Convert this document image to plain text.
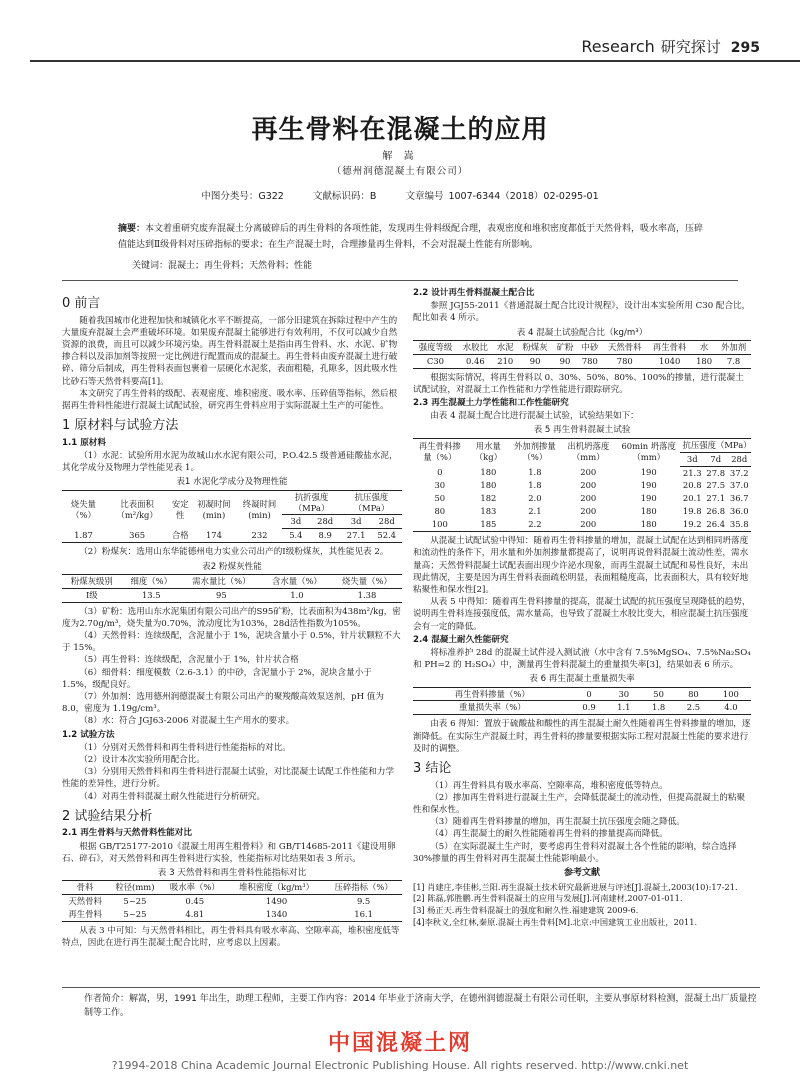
Research 研究探讨 295
再生骨料在混凝土的应用
解 嵩
（德州润德混凝土有限公司）
中图分类号：G322	文献标识码：B	文章编号 1007-6344（2018）02-0295-01
摘要：本文着重研究废弃混凝土分离破碎后的再生骨料的各项性能，发现再生骨料级配合理，表观密度和堆积密度都低于天然骨料，吸水率高，压碎值能达到Ⅱ级骨料对压碎指标的要求；在生产混凝土时，合理掺量再生骨料，不会对混凝土性能有所影响。
关键词：混凝土；再生骨料；天然骨料；性能
0 前言

随着我国城市化进程加快和城镇化水平不断提高，一部分旧建筑在拆除过程中产生的大量废弃混凝土会严重破坏环境。如果废弃混凝土能够进行有效利用，不仅可以减少自然资源的浪费，而且可以减少环境污染。再生骨料混凝土是指由再生骨料、水、水泥、矿物掺合料以及添加剂等按照一定比例进行配置而成的混凝土。再生骨料由废弃混凝土进行破碎、筛分后制成，再生骨料表面包裹着一层硬化水泥浆，表面粗糙，孔隙多，因此吸水性比砂石等天然骨料要高[1]。

本文研究了再生骨料的级配、表观密度、堆积密度、吸水率、压碎值等指标，然后根据再生骨料性能进行混凝土试配试验，研究再生骨料应用于实际混凝土生产的可能性。

1 原材料与试验方法
1.1 原材料

（1）水泥：试验所用水泥为故城山水水泥有限公司，P.O.42.5 级普通硅酸盐水泥，其化学成分及物理力学性能见表 1。

表1 水泥化学成分及物理性能
烧失量（%）	比表面积（m²/kg）	安定性	初凝时间(min)	终凝时间(min)	抗折强度（MPa）		抗压强度（MPa）	
					3d	28d	3d	28d
1.87	365	合格	174	232	5.4	8.9	27.1	52.4

（2）粉煤灰：选用山东华能德州电力实业公司出产的Ⅰ级粉煤灰，其性能见表 2。

表2 粉煤灰性能
粉煤灰级别	细度（%）	需水量比（%）	含水量（%）	烧失量（%）
Ⅰ级	13.5	95	1.0	1.38

（3）矿粉：选用山东水泥集团有限公司出产的S95矿粉，比表面积为438m²/kg，密度为2.70g/m³，烧失量为0.70%，流动度比为103%，28d活性指数为105%。

（4）天然骨料：连续级配，含泥量小于 1%，泥块含量小于 0.5%，针片状颗粒不大于 15%。

（5）再生骨料：连续级配，含泥量小于 1%，针片状合格

（6）细骨料：细度模数（2.6-3.1）的中砂，含泥量小于 2%，泥块含量小于 1.5%，级配良好。

（7）外加剂：选用德州润德混凝土有限公司出产的聚羧酸高效泵送剂，pH 值为 8.0，密度为 1.19g/cm³。

（8）水：符合 JGJ63-2006 对混凝土生产用水的要求。

1.2 试验方法

（1）分别对天然骨料和再生骨料进行性能指标的对比。

（2）设计本次实验所用配合比。

（3）分别用天然骨料和再生骨料进行混凝土试验，对比混凝土试配工作性能和力学性能的差异性，进行分析。

（4）对再生骨料混凝土耐久性能进行分析研究。

2 试验结果分析
2.1 再生骨料与天然骨料性能对比

根据 GB/T25177-2010《混凝土用再生粗骨料》和 GB/T14685-2011《建设用卵石、碎石》，对天然骨料和再生骨料进行实验，性能指标对比结果如表 3 所示。

表 3 天然骨料和再生骨料性能指标对比
骨料	粒径(mm)	吸水率（%）	堆积密度（kg/m³）	压碎指标（%）
天然骨料	5~25	0.45	1490	9.5
再生骨料	5~25	4.81	1340	16.1

从表 3 中可知：与天然骨料相比，再生骨料具有吸水率高、空隙率高，堆积密度低等特点，因此在进行再生混凝土配合比时，应考虑以上因素。

2.2 设计再生骨料混凝土配合比

参照 JGJ55-2011《普通混凝土配合比设计规程》，设计出本实验所用 C30 配合比，配比如表 4 所示。

表 4 混凝土试验配合比（kg/m³）
强度等级	水胶比	水泥	粉煤灰	矿粉	中砂	天然骨料	再生骨料	水	外加剂
C30	0.46	210	90	90	780	780	1040	180	7.8

根据实际情况，将再生骨料以 0、30%、50%、80%、100%的掺量，进行混凝土试配试验，对混凝土工作性能和力学性能进行跟踪研究。

2.3 再生混凝土力学性能和工作性能研究

由表 4 混凝土配合比进行混凝土试验，试验结果如下：

表 5 再生骨料混凝土试验
再生骨料掺量（%）	用水量（kg）	外加剂掺量（%）	出机坍落度（mm）	60min 坍落度（mm）	抗压强度（MPa）		
					3d	7d	28d
0	180	1.8	200	190	21.3	27.8	37.2
30	180	1.8	200	190	20.8	27.5	37.0
50	182	2.0	200	190	20.1	27.1	36.7
80	183	2.1	200	180	19.8	26.8	36.0
100	185	2.2	200	180	19.2	26.4	35.8

从混凝土试配试验中得知：随着再生骨料掺量的增加，混凝土试配在达到相同坍落度和流动性的条件下，用水量和外加剂掺量都提高了，说明再说骨料混凝土流动性差，需水量高；天然骨料混凝土试配表面出现少许泌水现象，而再生混凝土试配和易性良好，未出现此情况，主要是因为再生骨料表面疏松明显，表面粗糙度高，比表面积大，具有较好地粘聚性和保水性[2]。

从表 5 中得知：随着再生骨料掺量的提高，混凝土试配的抗压强度呈现降低的趋势，说明再生骨料连接强度低，需水量高，也导致了混凝土水胶比变大，相应混凝土抗压强度会有一定的降低。

2.4 混凝土耐久性能研究

将标准养护 28d 的混凝土试件浸入测试液（水中含有 7.5%MgSO₄、7.5%Na₂SO₄ 和 PH=2 的 H₂SO₄）中，测量再生骨料混凝土的重量损失率[3]，结果如表 6 所示。

表 6 再生混凝土重量损失率
再生骨料掺量（%）	0	30	50	80	100
重量损失率（%）	0.9	1.1	1.8	2.5	4.0

由表 6 得知：置放于硫酸盐和酸性的再生混凝土耐久性随着再生骨料掺量的增加，逐渐降低。在实际生产混凝土时，再生骨料的掺量要根据实际工程对混凝土性能的要求进行及时的调整。

3 结论

（1）再生骨料具有吸水率高、空隙率高，堆积密度低等特点。

（2）掺加再生骨料进行混凝土生产，会降低混凝土的流动性，但提高混凝土的粘聚性和保水性。

（3）随着再生骨料掺量的增加，再生混凝土抗压强度会随之降低。

（4）再生混凝土的耐久性能随着再生骨料的掺量提高而降低。

（5）在实际混凝土生产时，要考虑再生骨料对混凝土各个性能的影响，综合选择 30%掺量的再生骨料对再生混凝土性能影响最小。

参考文献
[1] 肖建庄,李佳彬,兰阳.再生混凝土技术研究最新进展与评述[J].混凝土,2003(10):17-21.
[2] 陈磊,郭胜鹏.再生骨料混凝土的应用与发展[J].河南建材,2007-01-011.
[3] 杨正天.再生骨料混凝土的强度和耐久性.福建建筑 2009-6.
[4]李秋义,全红林,秦原.混凝土再生骨料[M].北京:中国建筑工业出版社，2011.
作者简介：解嵩，男，1991 年出生，助理工程师，主要工作内容：2014 年毕业于济南大学，在德州润德混凝土有限公司任职，主要从事原材料检测，混凝土出厂质量控制等工作。
中国混凝土网
?1994-2018 China Academic Journal Electronic Publishing House. All rights reserved. http://www.cnki.net
